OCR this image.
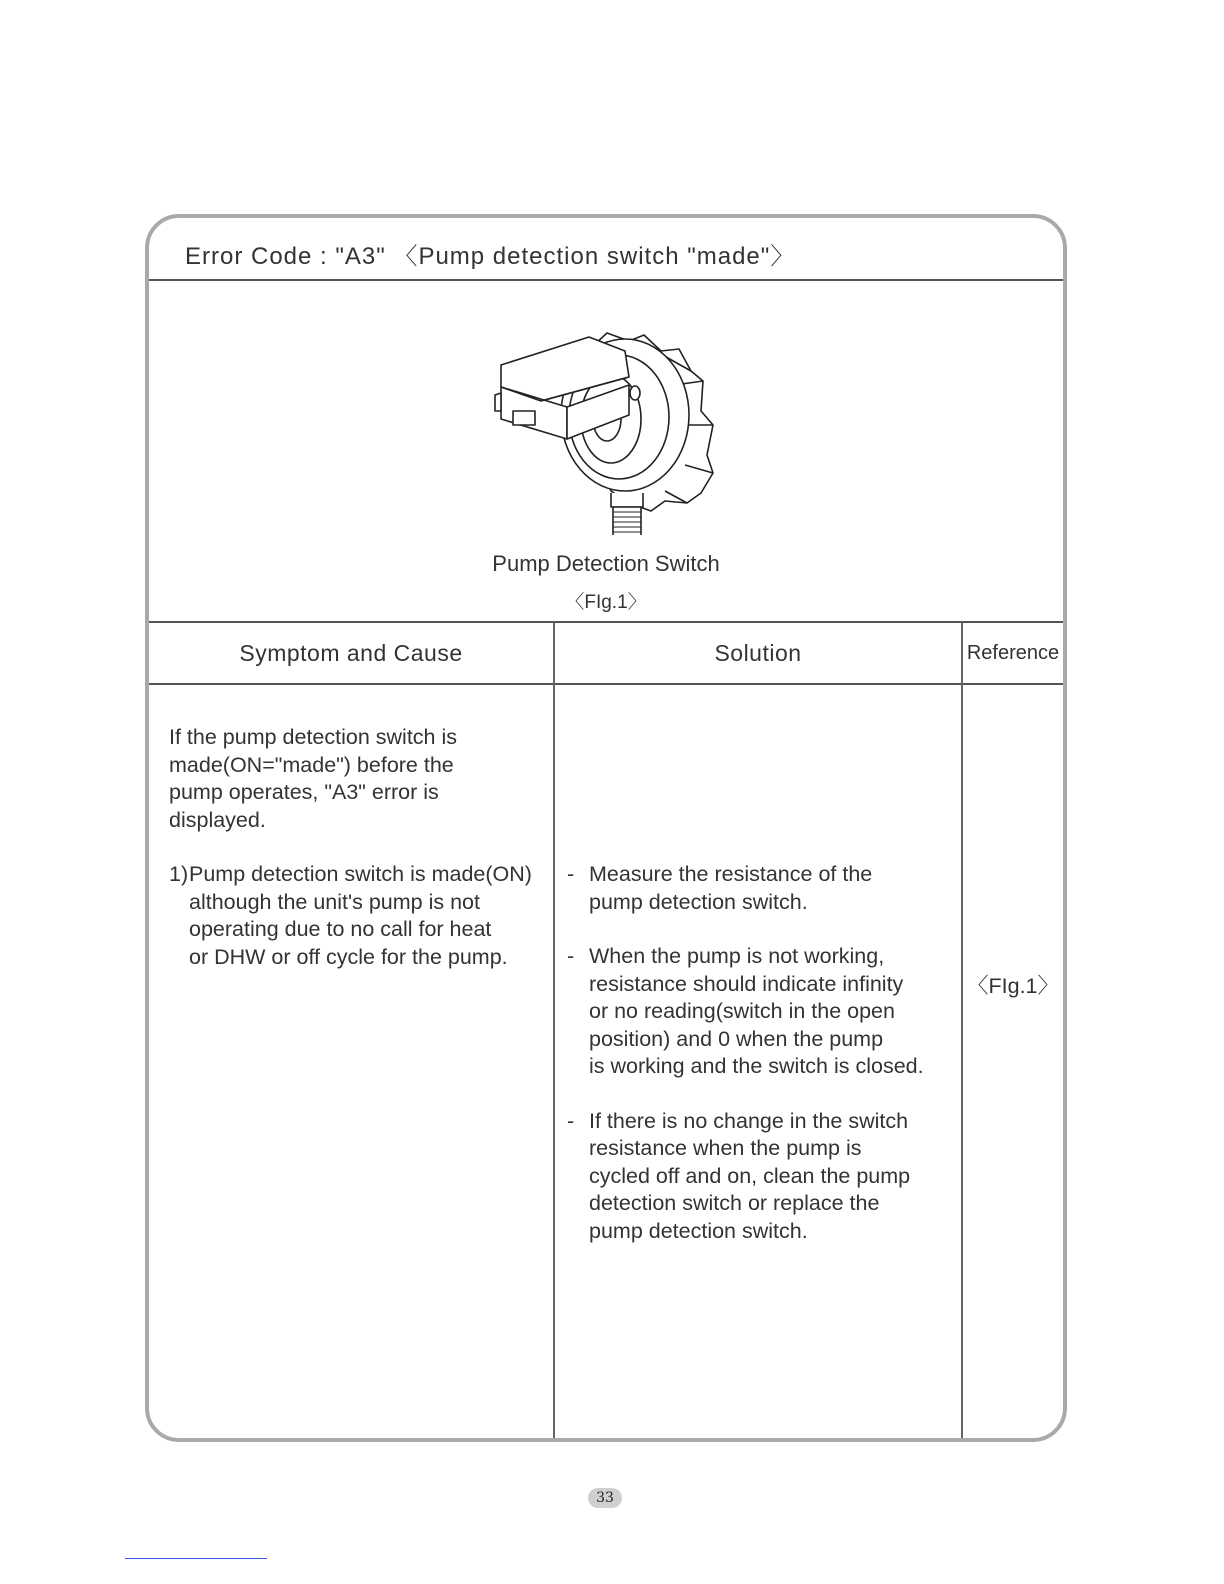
Error Code : "A3" 〈Pump detection switch "made"〉
Pump Detection Switch
〈FIg.1〉
Symptom and Cause	Solution	Reference

If the pump detection switch is
made(ON="made") before the
pump operates, "A3" error is
displayed.

1) Pump detection switch is made(ON)
although the unit's pump is not
operating due to no call for heat
or DHW or off cycle for the pump.

- Measure the resistance of the
pump detection switch.

- When the pump is not working,
resistance should indicate infinity
or no reading(switch in the open
position) and 0 when the pump
is working and the switch is closed.

- If there is no change in the switch
resistance when the pump is
cycled off and on, clean the pump
detection switch or replace the
pump detection switch.

〈FIg.1〉
33
